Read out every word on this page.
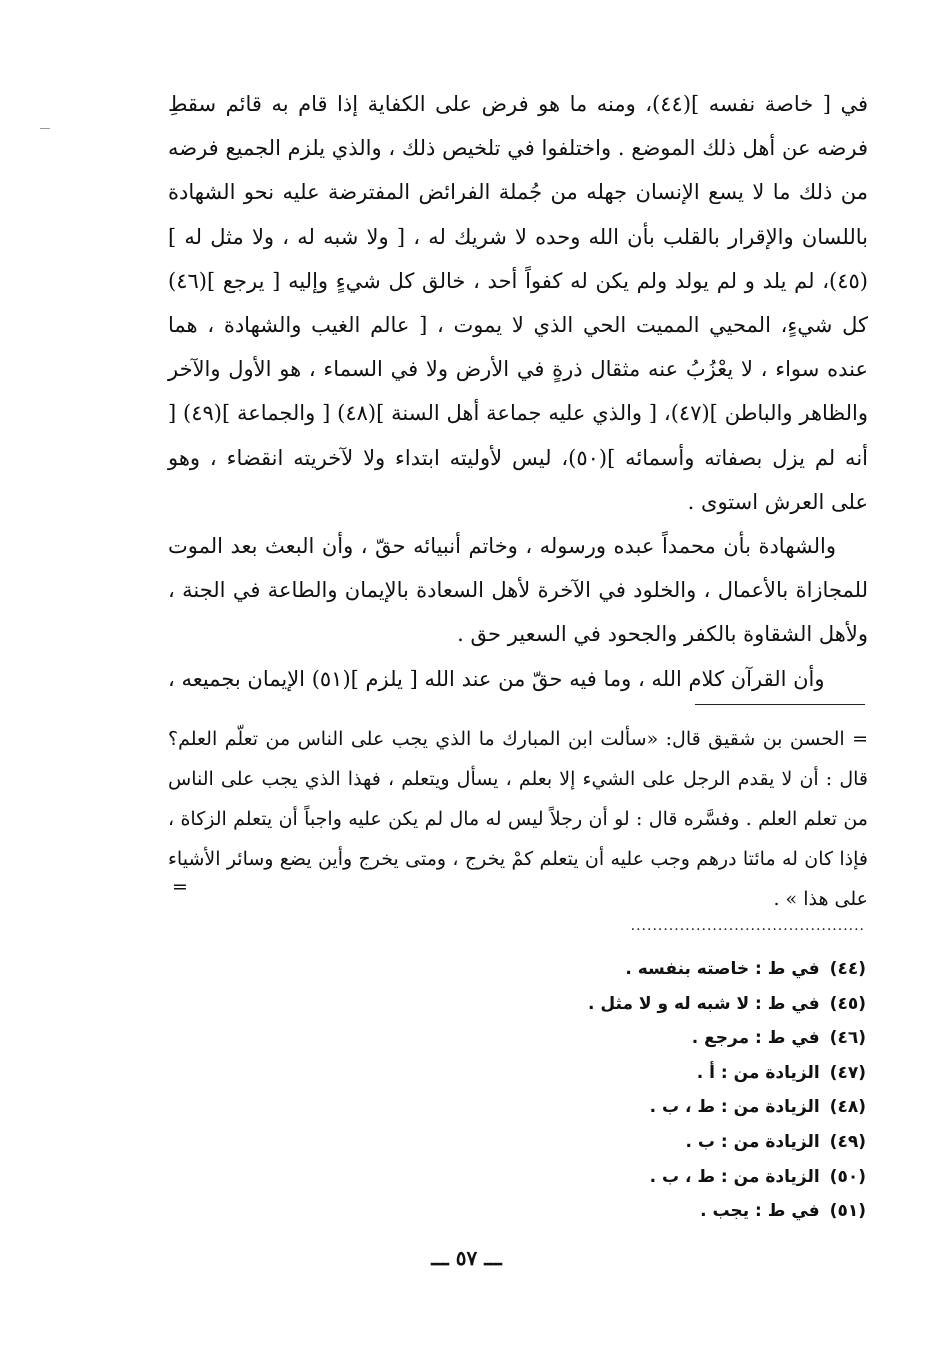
في [ خاصة نفسه ](٤٤)، ومنه ما هو فرض على الكفاية إذا قام به قائم سقطِ فرضه عن أهل ذلك الموضع . واختلفوا في تلخيص ذلك ، والذي يلزم الجميع فرضه من ذلك ما لا يسع الإنسان جهله من جُملة الفرائض المفترضة عليه نحو الشهادة باللسان والإقرار بالقلب بأن الله وحده لا شريك له ، [ ولا شبه له ، ولا مثل له ](٤٥)، لم يلد و لم يولد ولم يكن له كفواً أحد ، خالق كل شيءٍ وإليه [ يرجع ](٤٦) كل شيءٍ، المحيي المميت الحي الذي لا يموت ، [ عالم الغيب والشهادة ، هما عنده سواء ، لا يعْزُبُ عنه مثقال ذرةٍ في الأرض ولا في السماء ، هو الأول والآخر والظاهر والباطن ](٤٧)، [ والذي عليه جماعة أهل السنة ](٤٨) [ والجماعة ](٤٩) [ أنه لم يزل بصفاته وأسمائه ](٥٠)، ليس لأوليته ابتداء ولا لآخريته انقضاء ، وهو على العرش استوى .

والشهادة بأن محمداً عبده ورسوله ، وخاتم أنبيائه حقّ ، وأن البعث بعد الموت للمجازاة بالأعمال ، والخلود في الآخرة لأهل السعادة بالإيمان والطاعة في الجنة ، ولأهل الشقاوة بالكفر والجحود في السعير حق .

وأن القرآن كلام الله ، وما فيه حقّ من عند الله [ يلزم ](٥١) الإيمان بجميعه ،

= الحسن بن شقيق قال: «سألت ابن المبارك ما الذي يجب على الناس من تعلّم العلم؟ قال : أن لا يقدم الرجل على الشيء إلا بعلم ، يسأل ويتعلم ، فهذا الذي يجب على الناس من تعلم العلم . وفسَّره قال : لو أن رجلاً ليس له مال لم يكن عليه واجباً أن يتعلم الزكاة ، فإذا كان له مائتا درهم وجب عليه أن يتعلم كمْ يخرج ، ومتى يخرج وأين يضع وسائر الأشياء على هذا » .

=
...........................................
(٤٤)في ط : خاصته بنفسه .
(٤٥)في ط : لا شبه له و لا مثل .
(٤٦)في ط : مرجع .
(٤٧)الزيادة من : أ .
(٤٨)الزيادة من : ط ، ب .
(٤٩)الزيادة من : ب .
(٥٠)الزيادة من : ط ، ب .
(٥١)في ط : يجب .
ـــ ٥٧ ـــ
